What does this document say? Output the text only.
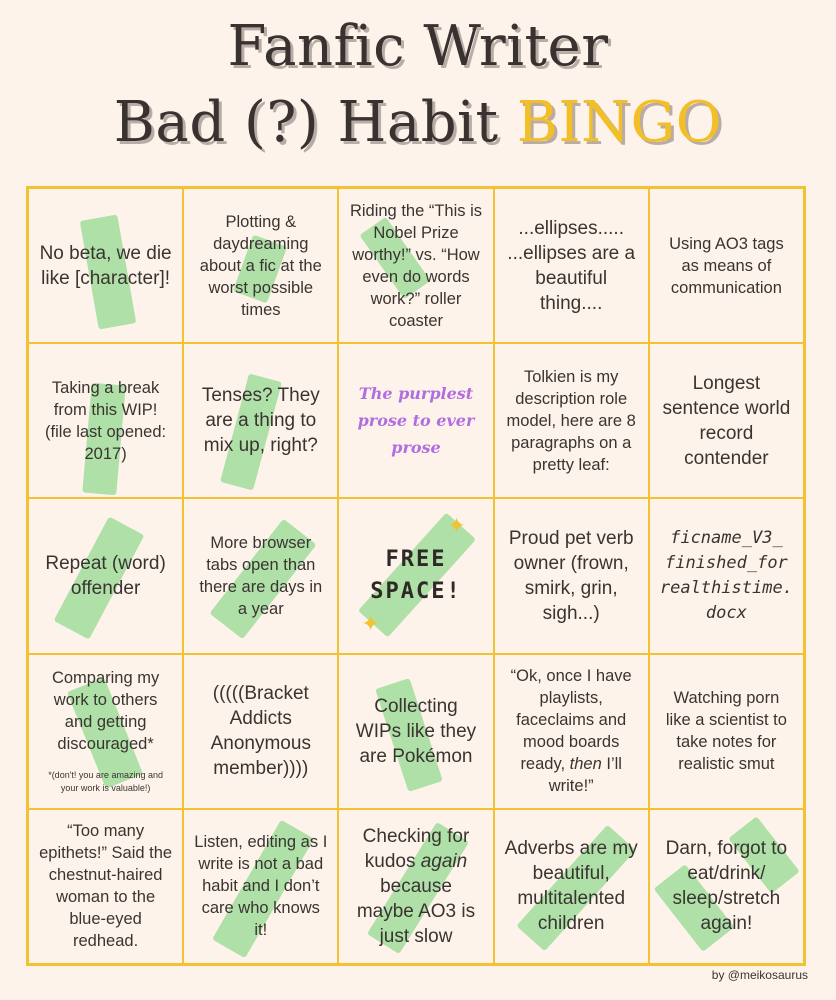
Fanfic Writer
Bad (?) Habit BINGO
No beta, we die like [character]!
Plotting & daydreaming about a fic at the worst possible times
Riding the “This is Nobel Prize worthy!” vs. “How even do words work?” roller coaster
...ellipses..... ...ellipses are a beautiful thing....
Using AO3 tags as means of communication
Taking a break from this WIP! (file last opened: 2017)
Tenses? They are a thing to mix up, right?
The purplest prose to ever prose
Tolkien is my description role model, here are 8 paragraphs on a pretty leaf:
Longest sentence world record contender
Repeat (word) offender
More browser tabs open than there are days in a year
✦
✦
FREE SPACE!
Proud pet verb owner (frown, smirk, grin, sigh...)
ficname_V3_ finished_for realthistime. docx
Comparing my work to others and getting discouraged*
*(don't! you are amazing and your work is valuable!)
(((((Bracket Addicts Anonymous member))))
Collecting WIPs like they are Pokémon
“Ok, once I have playlists, faceclaims and mood boards ready, then I’ll write!”
Watching porn like a scientist to take notes for realistic smut
“Too many epithets!” Said the chestnut-haired woman to the blue-eyed redhead.
Listen, editing as I write is not a bad habit and I don’t care who knows it!
Checking for kudos again because maybe AO3 is just slow
Adverbs are my beautiful, multitalented children
Darn, forgot to eat/drink/ sleep/stretch again!
by @meikosaurus
